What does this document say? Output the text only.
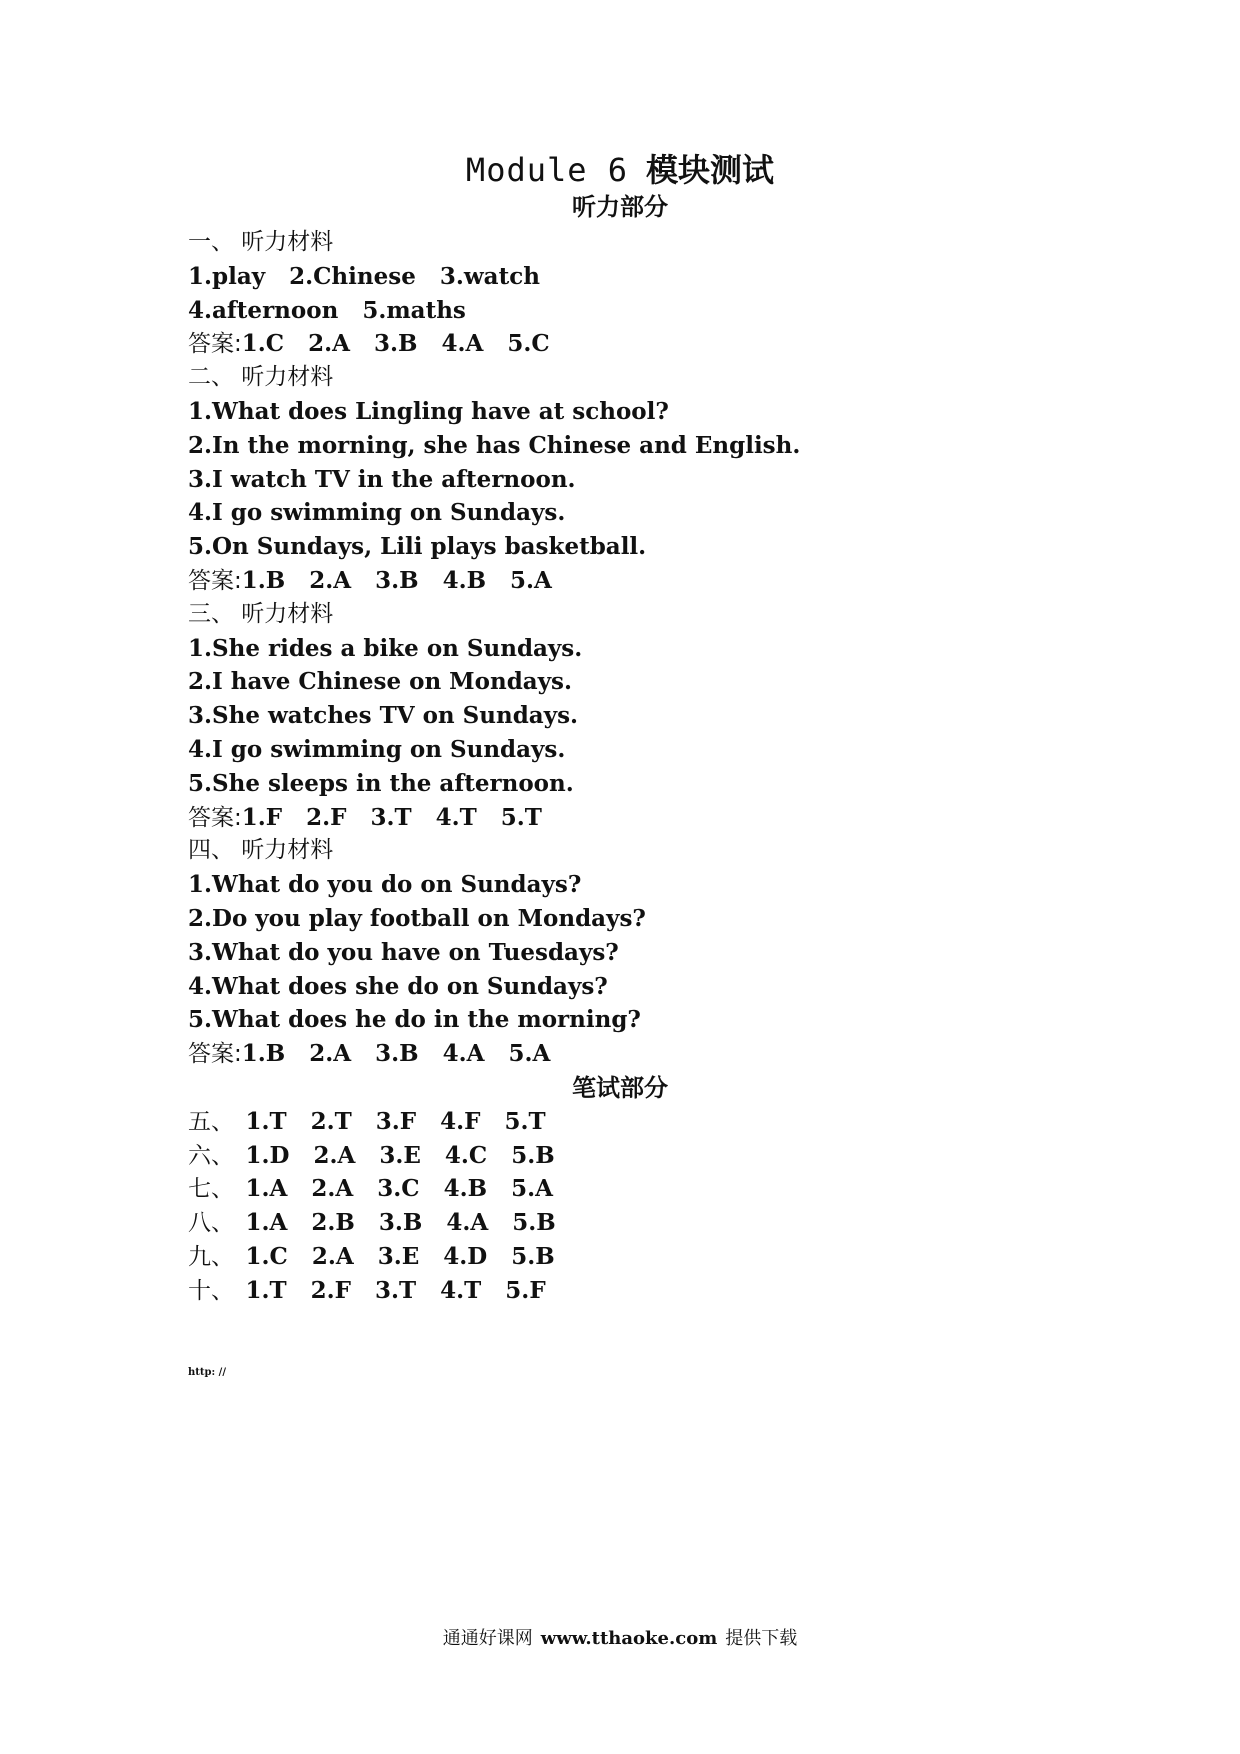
Module 6 模块测试
听力部分
一、 听力材料
1.play   2.Chinese   3.watch
4.afternoon   5.maths
答案:1.C   2.A   3.B   4.A   5.C
二、 听力材料
1.What does Lingling have at school?
2.In the morning, she has Chinese and English.
3.I watch TV in the afternoon.
4.I go swimming on Sundays.
5.On Sundays, Lili plays basketball.
答案:1.B   2.A   3.B   4.B   5.A
三、 听力材料
1.She rides a bike on Sundays.
2.I have Chinese on Mondays.
3.She watches TV on Sundays.
4.I go swimming on Sundays.
5.She sleeps in the afternoon.
答案:1.F   2.F   3.T   4.T   5.T
四、 听力材料
1.What do you do on Sundays?
2.Do you play football on Mondays?
3.What do you have on Tuesdays?
4.What does she do on Sundays?
5.What does he do in the morning?
答案:1.B   2.A   3.B   4.A   5.A
笔试部分
五、 1.T   2.T   3.F   4.F   5.T
六、 1.D   2.A   3.E   4.C   5.B
七、 1.A   2.A   3.C   4.B   5.A
八、 1.A   2.B   3.B   4.A   5.B
九、 1.C   2.A   3.E   4.D   5.B
十、 1.T   2.F   3.T   4.T   5.F
http: //
通通好课网 www.tthaoke.com 提供下载
